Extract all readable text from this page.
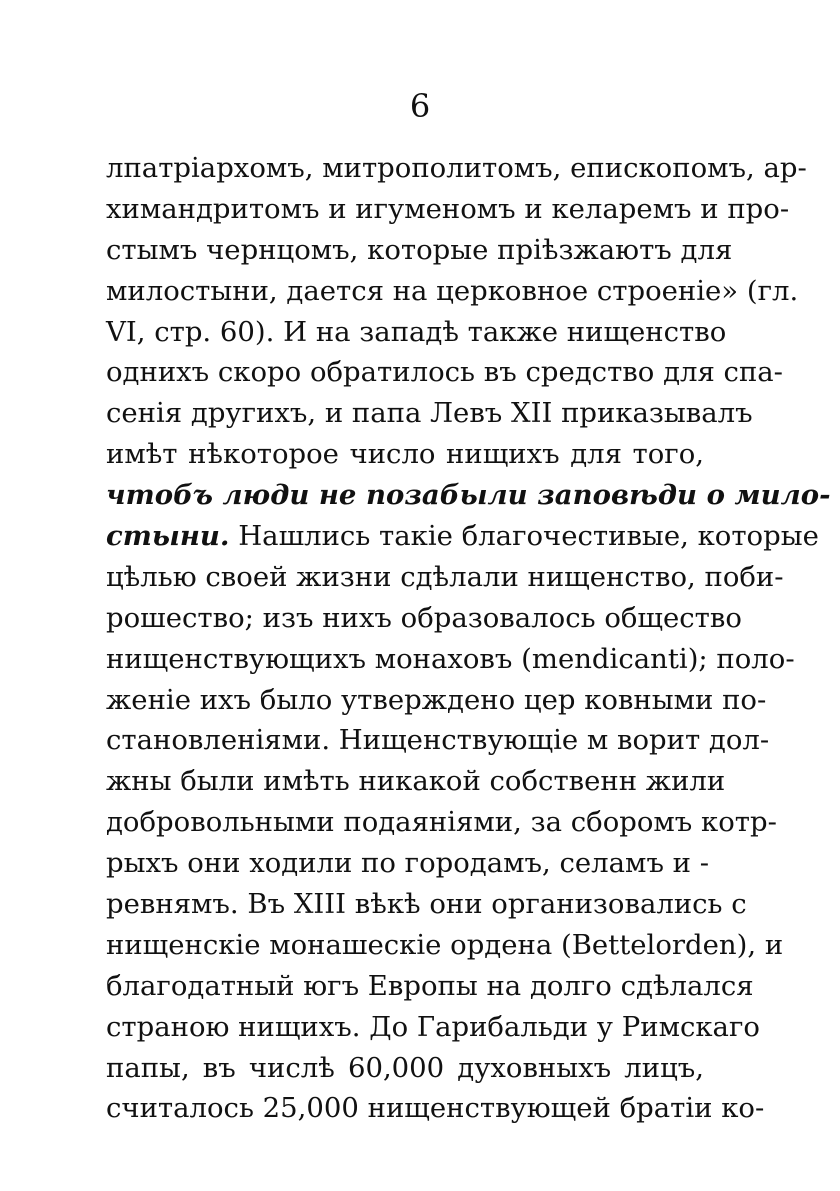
6
лпатріархомъ, митрополитомъ, епископомъ, ар-
химандритомъ и игуменомъ и келаремъ и про-
стымъ чернцомъ, которые прiѣзжаютъ для
милостыни, дается на церковное строенiе» (гл.
VI, стр. 60). И на западѣ также нищенство
однихъ скоро обратилось въ средство для спа-
сенія другихъ, и папа Левъ XII приказывалъ
имѣт нѣкоторое число нищихъ для того,
чтобъ люди не позабыли заповѣди о мило-
стыни. Нашлись такіе благочестивые, которые
цѣлью своей жизни сдѣлали нищенство, поби-
рошество; изъ нихъ образовалось общество
нищенствующихъ монаховъ (mendicanti); поло-
женіе ихъ было утверждено цер ковными по-
становленіями. Нищенствующіе м ворит дол-
жны были имѣть никакой собственн жили
добровольными подаяніями, за сборомъ котр-
рыхъ они ходили по городамъ, селамъ и -
ревнямъ. Въ XIII вѣкѣ они организовались с
нищенскіе монашескіе ордена (Bettelorden), и
благодатный югъ Европы на долго сдѣлался
страною нищихъ. До Гарибальди у Римскаго
папы, въ числѣ 60,000 духовныхъ лицъ,
считалось 25,000 нищенствующей братіи ко-
